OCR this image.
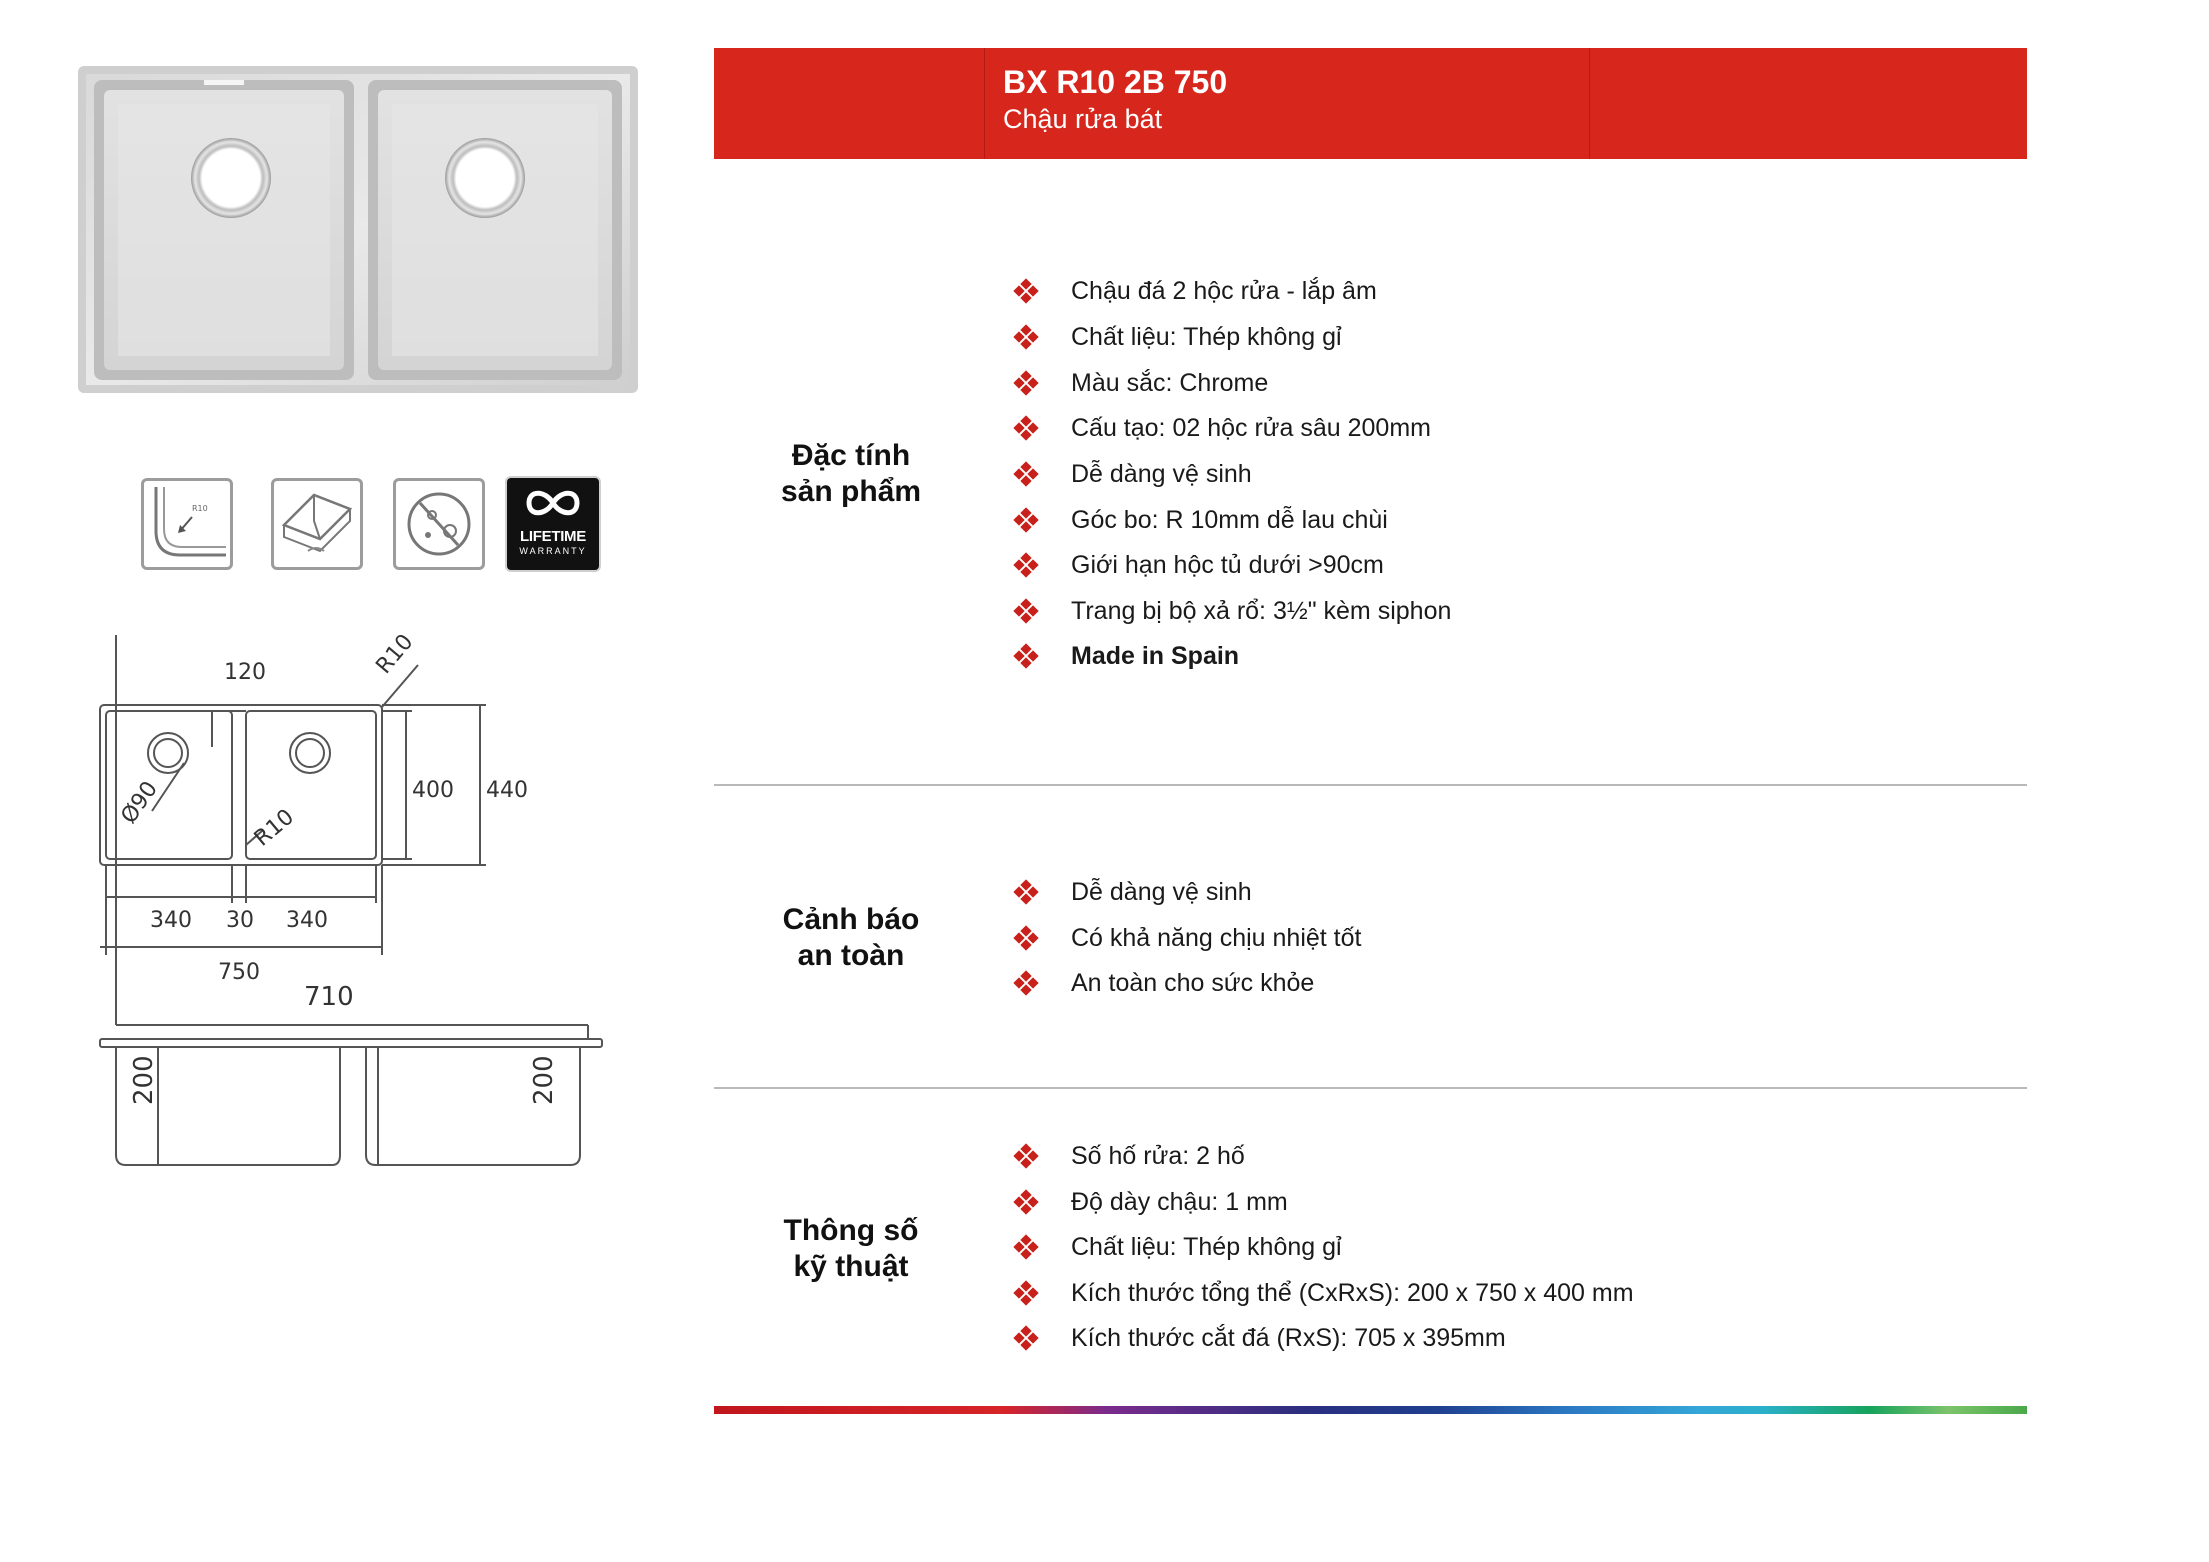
R10
LIFETIME
WARRANTY
120	R10
Ø90	R10
400 440
340 30 340
750
710
200	200
BX R10 2B 750
Chậu rửa bát
Đặc tính
sản phẩm
Cảnh báo
an toàn
Thông số
kỹ thuật
Chậu đá 2 hộc rửa - lắp âm
Chất liệu: Thép không gỉ
Màu sắc: Chrome
Cấu tạo: 02 hộc rửa sâu 200mm
Dễ dàng vệ sinh
Góc bo: R 10mm dễ lau chùi
Giới hạn hộc tủ dưới >90cm
Trang bị bộ xả rổ: 3½" kèm siphon
Made in Spain
Dễ dàng vệ sinh
Có khả năng chịu nhiệt tốt
An toàn cho sức khỏe
Số hố rửa: 2 hố
Độ dày chậu: 1 mm
Chất liệu: Thép không gỉ
Kích thước tổng thể (CxRxS): 200 x 750 x 400 mm
Kích thước cắt đá (RxS): 705 x 395mm
